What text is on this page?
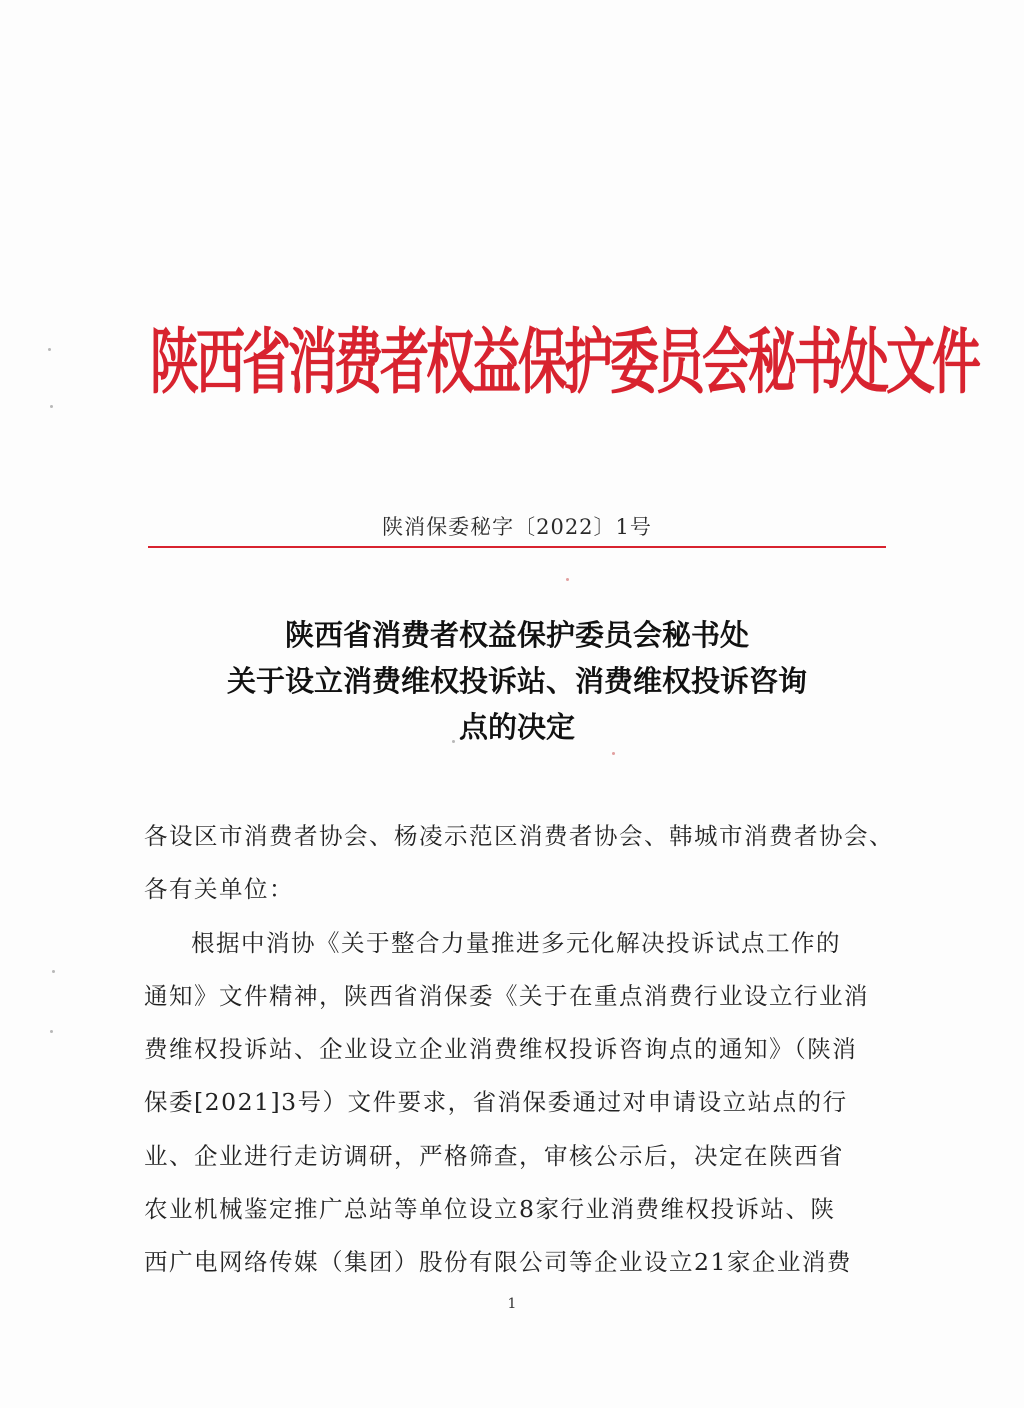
陕西省消费者权益保护委员会秘书处文件
陕消保委秘字〔2022〕1号
陕西省消费者权益保护委员会秘书处
关于设立消费维权投诉站、消费维权投诉咨询
点的决定
各设区市消费者协会、杨凌示范区消费者协会、韩城市消费者协会、
各有关单位：
根据中消协《关于整合力量推进多元化解决投诉试点工作的
通知》文件精神，陕西省消保委《关于在重点消费行业设立行业消
费维权投诉站、企业设立企业消费维权投诉咨询点的通知》（陕消
保委[2021]3号）文件要求，省消保委通过对申请设立站点的行
业、企业进行走访调研，严格筛查，审核公示后，决定在陕西省
农业机械鉴定推广总站等单位设立8家行业消费维权投诉站、陕
西广电网络传媒（集团）股份有限公司等企业设立21家企业消费
1
